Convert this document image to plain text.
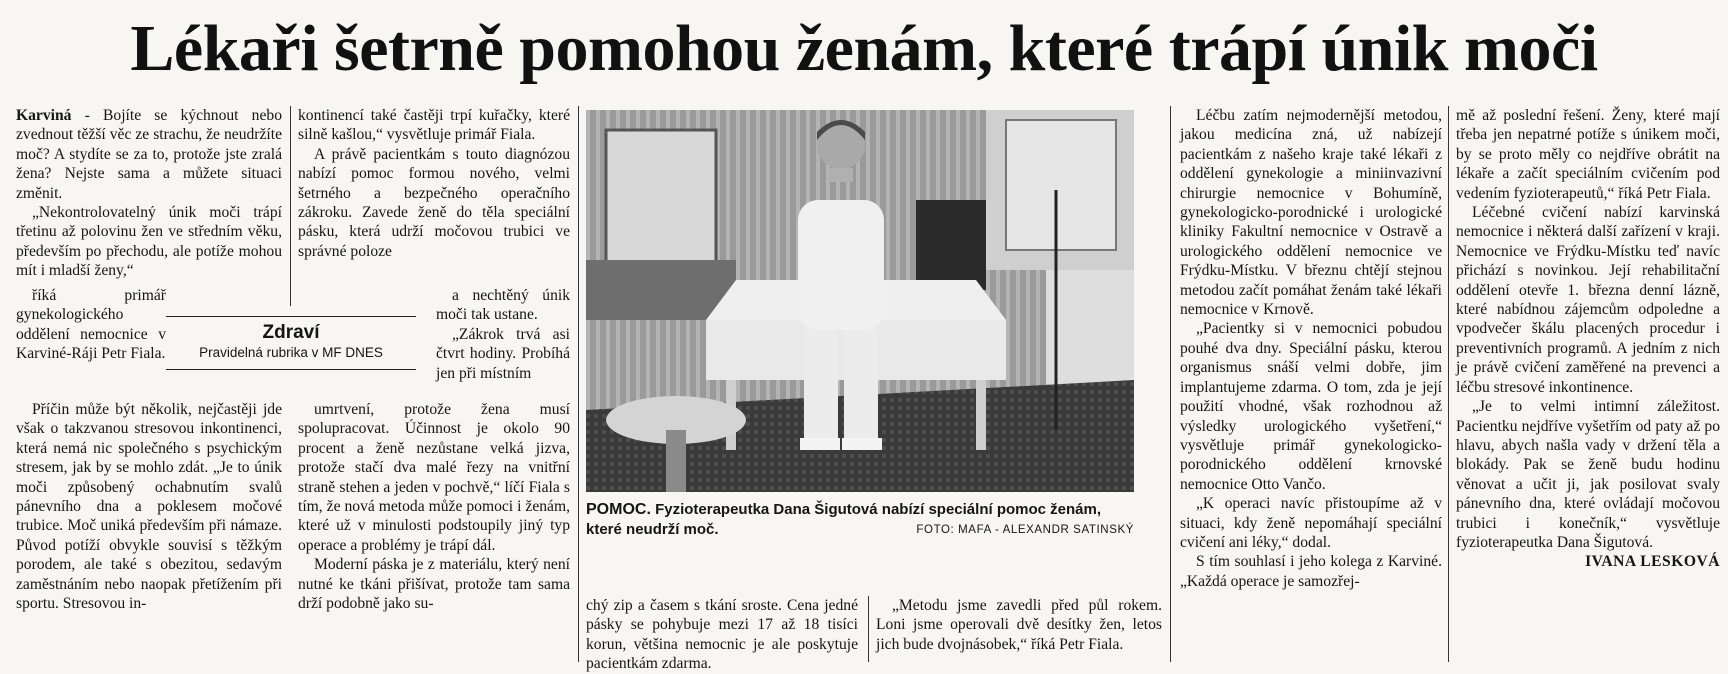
Lékaři šetrně pomohou ženám, které trápí únik moči

Karviná - Bojíte se kýchnout nebo zvednout těžší věc ze strachu, že neudržíte moč? A stydíte se za to, protože jste zralá žena? Nejste sama a můžete situaci změnit.

„Nekontrolovatelný únik moči trápí třetinu až polovinu žen ve středním věku, především po přechodu, ale potíže mohou mít i mladší ženy,“

říká primář gynekologického oddělení nemocnice v Karviné-Ráji Petr Fiala.

Příčin může být několik, nejčastěji jde však o takzvanou stresovou inkontinenci, která nemá nic společného s psychickým stresem, jak by se mohlo zdát. „Je to únik moči způsobený ochabnutím svalů pánevního dna a poklesem močové trubice. Moč uniká především při námaze. Původ potíží obvykle souvisí s těžkým porodem, ale také s obezitou, sedavým zaměstnáním nebo naopak přetížením při sportu. Stresovou in-

Zdraví
Pravidelná rubrika v MF DNES

kontinencí také častěji trpí kuřačky, které silně kašlou,“ vysvětluje primář Fiala.

A právě pacientkám s touto diagnózou nabízí pomoc formou nového, velmi šetrného a bezpečného operačního zákroku. Zavede ženě do těla speciální pásku, která udrží močovou trubici ve správné poloze

a nechtěný únik moči tak ustane.

„Zákrok trvá asi čtvrt hodiny. Probíhá jen při místním

umrtvení, protože žena musí spolupracovat. Účinnost je okolo 90 procent a ženě nezůstane velká jizva, protože stačí dva malé řezy na vnitřní straně stehen a jeden v pochvě,“ líčí Fiala s tím, že nová metoda může pomoci i ženám, které už v minulosti podstoupily jiný typ operace a problémy je trápí dál.

Moderní páska je z materiálu, který není nutné ke tkáni přišívat, protože tam sama drží podobně jako su-

POMOC. Fyzioterapeutka Dana Šigutová nabízí speciální pomoc ženám, které neudrží moč.	FOTO: MAFA - ALEXANDR SATINSKÝ

chý zip a časem s tkání sroste. Cena jedné pásky se pohybuje mezi 17 až 18 tisíci korun, většina nemocnic je ale poskytuje pacientkám zdarma.

„Metodu jsme zavedli před půl rokem. Loni jsme operovali dvě desítky žen, letos jich bude dvojnásobek,“ říká Petr Fiala.

Léčbu zatím nejmodernější metodou, jakou medicína zná, už nabízejí pacientkám z našeho kraje také lékaři z oddělení gynekologie a miniinvazivní chirurgie nemocnice v Bohumíně, gynekologicko-porodnické i urologické kliniky Fakultní nemocnice v Ostravě a urologického oddělení nemocnice ve Frýdku-Místku. V březnu chtějí stejnou metodou začít pomáhat ženám také lékaři nemocnice v Krnově.

„Pacientky si v nemocnici pobudou pouhé dva dny. Speciální pásku, kterou organismus snáší velmi dobře, jim implantujeme zdarma. O tom, zda je její použití vhodné, však rozhodnou až výsledky urologického vyšetření,“ vysvětluje primář gynekologicko-porodnického oddělení krnovské nemocnice Otto Vančo.

„K operaci navíc přistoupíme až v situaci, kdy ženě nepomáhají speciální cvičení ani léky,“ dodal.

S tím souhlasí i jeho kolega z Karviné. „Každá operace je samozřej-

mě až poslední řešení. Ženy, které mají třeba jen nepatrné potíže s únikem moči, by se proto měly co nejdříve obrátit na lékaře a začít speciálním cvičením pod vedením fyzioterapeutů,“ říká Petr Fiala.

Léčebné cvičení nabízí karvinská nemocnice i některá další zařízení v kraji. Nemocnice ve Frýdku-Místku teď navíc přichází s novinkou. Její rehabilitační oddělení otevře 1. března denní lázně, které nabídnou zájemcům odpoledne a vpodvečer škálu placených procedur i preventivních programů. A jedním z nich je právě cvičení zaměřené na prevenci a léčbu stresové inkontinence.

„Je to velmi intimní záležitost. Pacientku nejdříve vyšetřím od paty až po hlavu, abych našla vady v držení těla a blokády. Pak se ženě budu hodinu věnovat a učit ji, jak posilovat svaly pánevního dna, které ovládají močovou trubici i konečník,“ vysvětluje fyzioterapeutka Dana Šigutová.

IVANA LESKOVÁ
